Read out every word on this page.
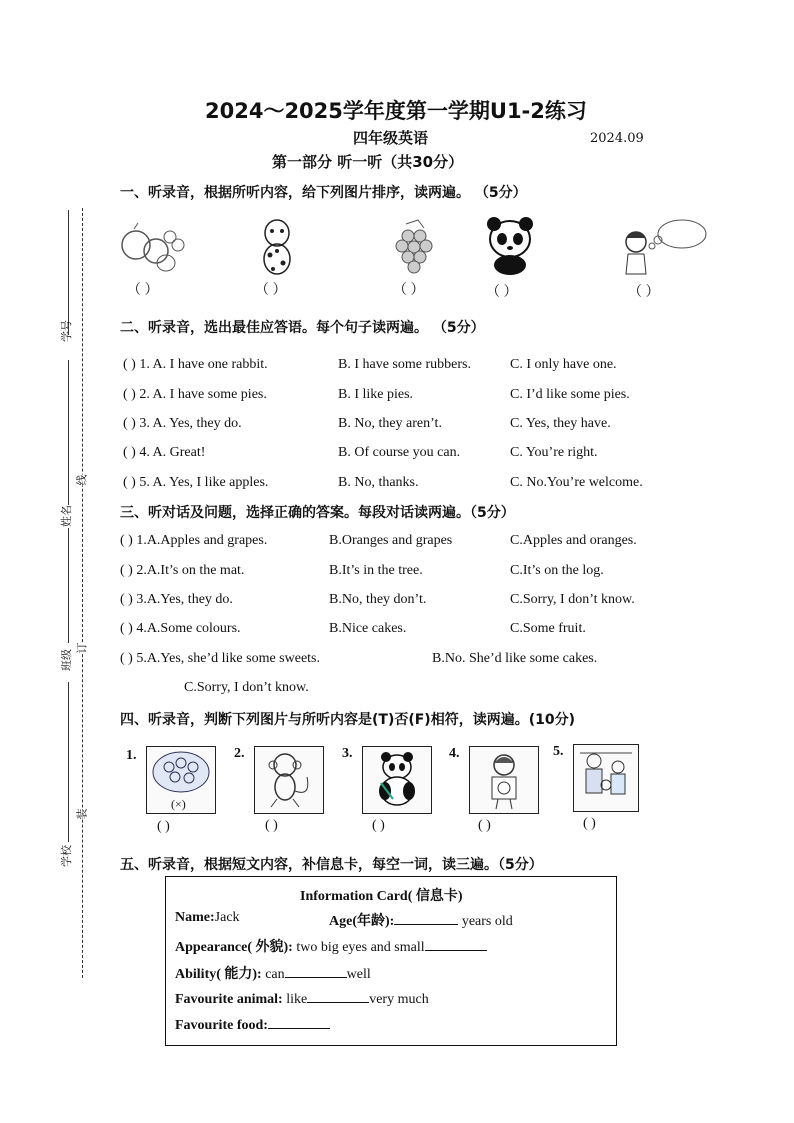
2024～2025学年度第一学期U1-2练习
四年级英语	2024.09
第一部分 听一听（共30分）
学号
姓名
班级
学校
线
订
装
一、听录音，根据所听内容，给下列图片排序，读两遍。 （5分）
（ ）	（ ）	（ ）	（ ）	（ ）
二、听录音，选出最佳应答语。每个句子读两遍。 （5分）
( ) 1. A. I have one rabbit.	B. I have some rubbers.	C. I only have one.
( ) 2. A. I have some pies.	B. I like pies.	C. I’d like some pies.
( ) 3. A. Yes, they do.	B. No, they aren’t.	C. Yes, they have.
( ) 4. A. Great!	B. Of course you can.	C. You’re right.
( ) 5. A. Yes, I like apples.	B. No, thanks.	C. No.You’re welcome.
三、听对话及问题，选择正确的答案。每段对话读两遍。（5分）
( ) 1.A.Apples and grapes.	B.Oranges and grapes	C.Apples and oranges.
( ) 2.A.It’s on the mat.	B.It’s in the tree.	C.It’s on the log.
( ) 3.A.Yes, they do.	B.No, they don’t.	C.Sorry, I don’t know.
( ) 4.A.Some colours.	B.Nice cakes.	C.Some fruit.
( ) 5.A.Yes, she’d like some sweets.	B.No. She’d like some cakes.
C.Sorry, I don’t know.
四、听录音，判断下列图片与所听内容是(T)否(F)相符，读两遍。(10分)
1.	2.	3.	4.	5.
(×)
( )	( )	( )	( )	( )
五、听录音，根据短文内容，补信息卡，每空一词，读三遍。（5分）
Information Card( 信息卡)
Name:Jack	Age(年龄):	years old
Appearance( 外貌): two big eyes and small
Ability( 能力): can	well
Favourite animal: like	very much
Favourite food:
